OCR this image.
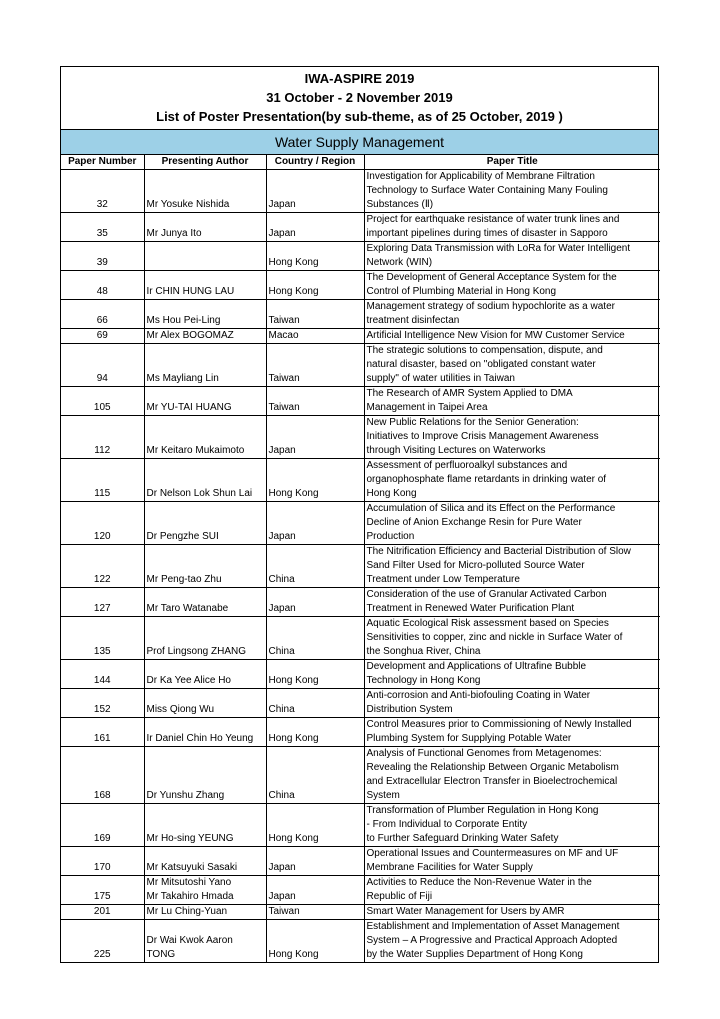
IWA-ASPIRE 2019
31 October - 2 November 2019
List of Poster Presentation(by sub-theme, as of 25 October, 2019 )
Water Supply Management
Paper Number	Presenting Author	Country / Region	Paper Title
32	Mr Yosuke Nishida	Japan	Investigation for Applicability of Membrane Filtration
Technology to Surface Water Containing Many Fouling
Substances (Ⅱ)

35	Mr Junya Ito	Japan	Project for earthquake resistance of water trunk lines and
important pipelines during times of disaster in Sapporo

39		Hong Kong	Exploring Data Transmission with LoRa for Water Intelligent
Network (WIN)

48	Ir CHIN HUNG LAU	Hong Kong	The Development of General Acceptance System for the
Control of Plumbing Material in Hong Kong

66	Ms Hou Pei-Ling	Taiwan	Management strategy of sodium hypochlorite as a water
treatment disinfectan

69	Mr Alex BOGOMAZ	Macao	Artificial Intelligence New Vision for MW Customer Service

94	Ms Mayliang Lin	Taiwan	The strategic solutions to compensation, dispute, and
natural disaster, based on "obligated constant water
supply" of water utilities in Taiwan

105	Mr YU-TAI HUANG	Taiwan	The Research of AMR System Applied to DMA
Management in Taipei Area

112	Mr Keitaro Mukaimoto	Japan	New Public Relations for the Senior Generation:
Initiatives to Improve Crisis Management Awareness
through Visiting Lectures on Waterworks

115	Dr Nelson Lok Shun Lai	Hong Kong	Assessment of perfluoroalkyl substances and
organophosphate flame retardants in drinking water of
Hong Kong

120	Dr Pengzhe SUI	Japan	Accumulation of Silica and its Effect on the Performance
Decline of Anion Exchange Resin for Pure Water
Production

122	Mr Peng-tao Zhu	China	The Nitrification Efficiency and Bacterial Distribution of Slow
Sand Filter Used for Micro-polluted Source Water
Treatment under Low Temperature

127	Mr Taro Watanabe	Japan	Consideration of the use of Granular Activated Carbon
Treatment in Renewed Water Purification Plant

135	Prof Lingsong ZHANG	China	Aquatic Ecological Risk assessment based on Species
Sensitivities to copper, zinc and nickle in Surface Water of
the Songhua River, China

144	Dr Ka Yee Alice Ho	Hong Kong	Development and Applications of Ultrafine Bubble
Technology in Hong Kong

152	Miss Qiong Wu	China	Anti-corrosion and Anti-biofouling Coating in Water
Distribution System

161	Ir Daniel Chin Ho Yeung	Hong Kong	Control Measures prior to Commissioning of Newly Installed
Plumbing System for Supplying Potable Water

168	Dr Yunshu Zhang	China	Analysis of Functional Genomes from Metagenomes:
Revealing the Relationship Between Organic Metabolism
and Extracellular Electron Transfer in Bioelectrochemical
System

169	Mr Ho-sing YEUNG	Hong Kong	Transformation of Plumber Regulation in Hong Kong
- From Individual to Corporate Entity
to Further Safeguard Drinking Water Safety

170	Mr Katsuyuki Sasaki	Japan	Operational Issues and Countermeasures on MF and UF
Membrane Facilities for Water Supply

175	Mr Mitsutoshi Yano
Mr Takahiro Hmada	Japan	Activities to Reduce the Non-Revenue Water in the
Republic of Fiji

201	Mr Lu Ching-Yuan	Taiwan	Smart Water Management for Users by AMR

225	Dr Wai Kwok Aaron
TONG	Hong Kong	Establishment and Implementation of Asset Management
System – A Progressive and Practical Approach Adopted
by the Water Supplies Department of Hong Kong
